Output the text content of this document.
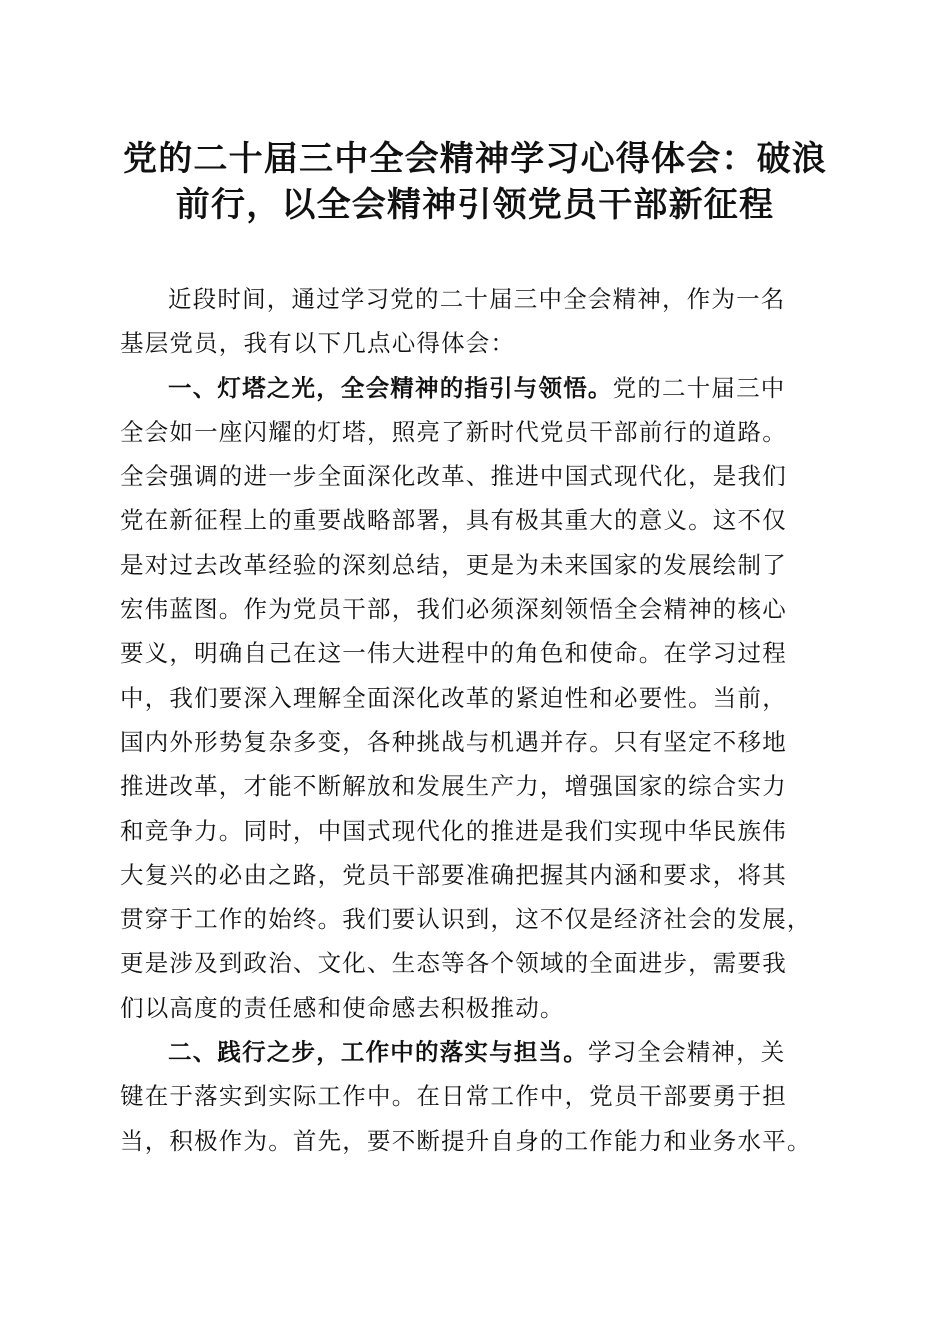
党的二十届三中全会精神学习心得体会：破浪
前行，以全会精神引领党员干部新征程

近段时间，通过学习党的二十届三中全会精神，作为一名
基层党员，我有以下几点心得体会：

一、灯塔之光，全会精神的指引与领悟。党的二十届三中
全会如一座闪耀的灯塔，照亮了新时代党员干部前行的道路。
全会强调的进一步全面深化改革、推进中国式现代化，是我们
党在新征程上的重要战略部署，具有极其重大的意义。这不仅
是对过去改革经验的深刻总结，更是为未来国家的发展绘制了
宏伟蓝图。作为党员干部，我们必须深刻领悟全会精神的核心
要义，明确自己在这一伟大进程中的角色和使命。在学习过程
中，我们要深入理解全面深化改革的紧迫性和必要性。当前，
国内外形势复杂多变，各种挑战与机遇并存。只有坚定不移地
推进改革，才能不断解放和发展生产力，增强国家的综合实力
和竞争力。同时，中国式现代化的推进是我们实现中华民族伟
大复兴的必由之路，党员干部要准确把握其内涵和要求，将其
贯穿于工作的始终。我们要认识到，这不仅是经济社会的发展，
更是涉及到政治、文化、生态等各个领域的全面进步，需要我
们以高度的责任感和使命感去积极推动。

二、践行之步，工作中的落实与担当。学习全会精神，关
键在于落实到实际工作中。在日常工作中，党员干部要勇于担
当，积极作为。首先，要不断提升自身的工作能力和业务水平。
